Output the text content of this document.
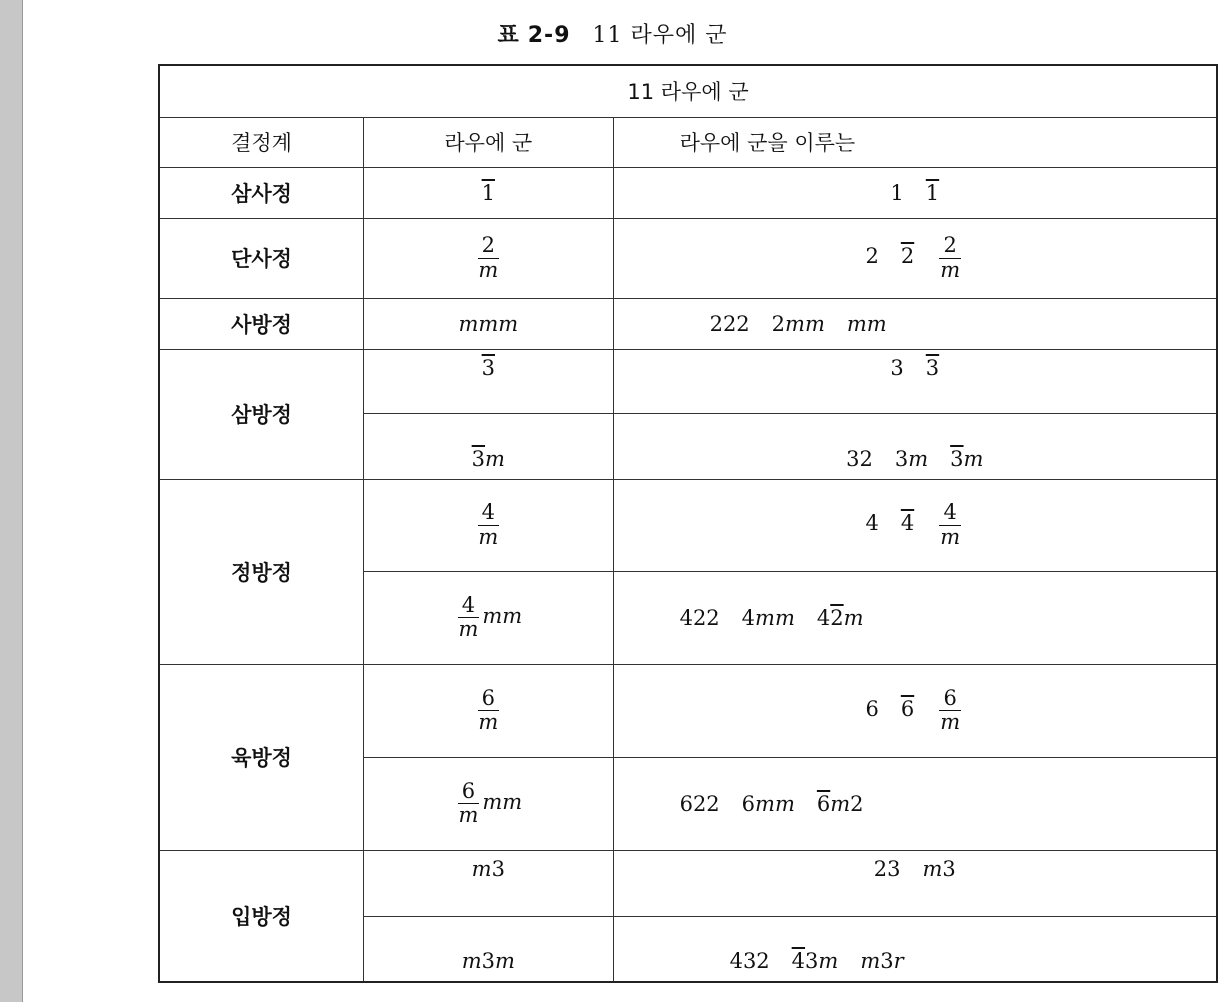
표 2-9 11 라우에 군
11 라우에 군		
결정계	라우에 군	라우에 군을 이루는
삼사정	1	1 1
단사정	$\frac{2}{m}$	2 $2 \frac{2}{m}$

사방정	mmm	222 2mm mm
삼방정	3	3 3
	3m	32 3m 3m
정방정	$\frac{4}{m}$	4 $4 \frac{4}{m}$

	$\frac{4}{m}$ mm	422 4mm 42m
육방정	$\frac{6}{m}$	6 $6 \frac{6}{m}$

	$\frac{6}{m}$ mm	622 6mm 6m2
입방정	m3	23 m3
	m3m	432 43m m3r
